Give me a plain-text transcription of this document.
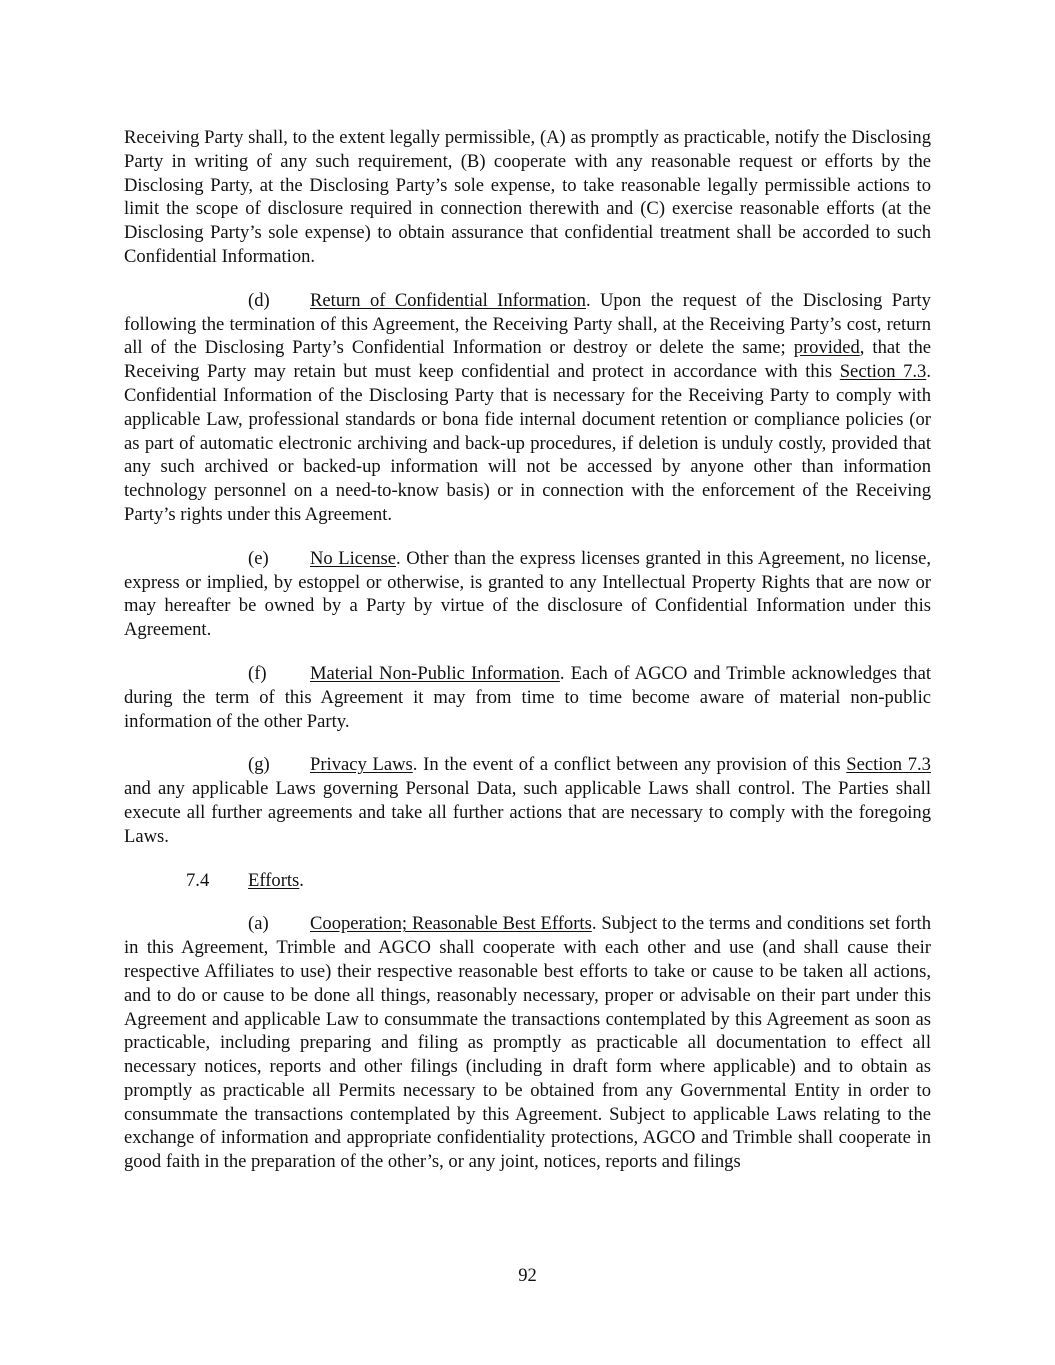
Receiving Party shall, to the extent legally permissible, (A) as promptly as practicable, notify the Disclosing Party in writing of any such requirement, (B) cooperate with any reasonable request or efforts by the Disclosing Party, at the Disclosing Party’s sole expense, to take reasonable legally permissible actions to limit the scope of disclosure required in connection therewith and (C) exercise reasonable efforts (at the Disclosing Party’s sole expense) to obtain assurance that confidential treatment shall be accorded to such Confidential Information.

(d) Return of Confidential Information. Upon the request of the Disclosing Party following the termination of this Agreement, the Receiving Party shall, at the Receiving Party’s cost, return all of the Disclosing Party’s Confidential Information or destroy or delete the same; provided, that the Receiving Party may retain but must keep confidential and protect in accordance with this Section 7.3. Confidential Information of the Disclosing Party that is necessary for the Receiving Party to comply with applicable Law, professional standards or bona fide internal document retention or compliance policies (or as part of automatic electronic archiving and back-up procedures, if deletion is unduly costly, provided that any such archived or backed-up information will not be accessed by anyone other than information technology personnel on a need-to-know basis) or in connection with the enforcement of the Receiving Party’s rights under this Agreement.

(e) No License. Other than the express licenses granted in this Agreement, no license, express or implied, by estoppel or otherwise, is granted to any Intellectual Property Rights that are now or may hereafter be owned by a Party by virtue of the disclosure of Confidential Information under this Agreement.

(f) Material Non-Public Information. Each of AGCO and Trimble acknowledges that during the term of this Agreement it may from time to time become aware of material non-public information of the other Party.

(g) Privacy Laws. In the event of a conflict between any provision of this Section 7.3 and any applicable Laws governing Personal Data, such applicable Laws shall control. The Parties shall execute all further agreements and take all further actions that are necessary to comply with the foregoing Laws.

7.4 Efforts.

(a) Cooperation; Reasonable Best Efforts. Subject to the terms and conditions set forth in this Agreement, Trimble and AGCO shall cooperate with each other and use (and shall cause their respective Affiliates to use) their respective reasonable best efforts to take or cause to be taken all actions, and to do or cause to be done all things, reasonably necessary, proper or advisable on their part under this Agreement and applicable Law to consummate the transactions contemplated by this Agreement as soon as practicable, including preparing and filing as promptly as practicable all documentation to effect all necessary notices, reports and other filings (including in draft form where applicable) and to obtain as promptly as practicable all Permits necessary to be obtained from any Governmental Entity in order to consummate the transactions contemplated by this Agreement. Subject to applicable Laws relating to the exchange of information and appropriate confidentiality protections, AGCO and Trimble shall cooperate in good faith in the preparation of the other’s, or any joint, notices, reports and filings

92
